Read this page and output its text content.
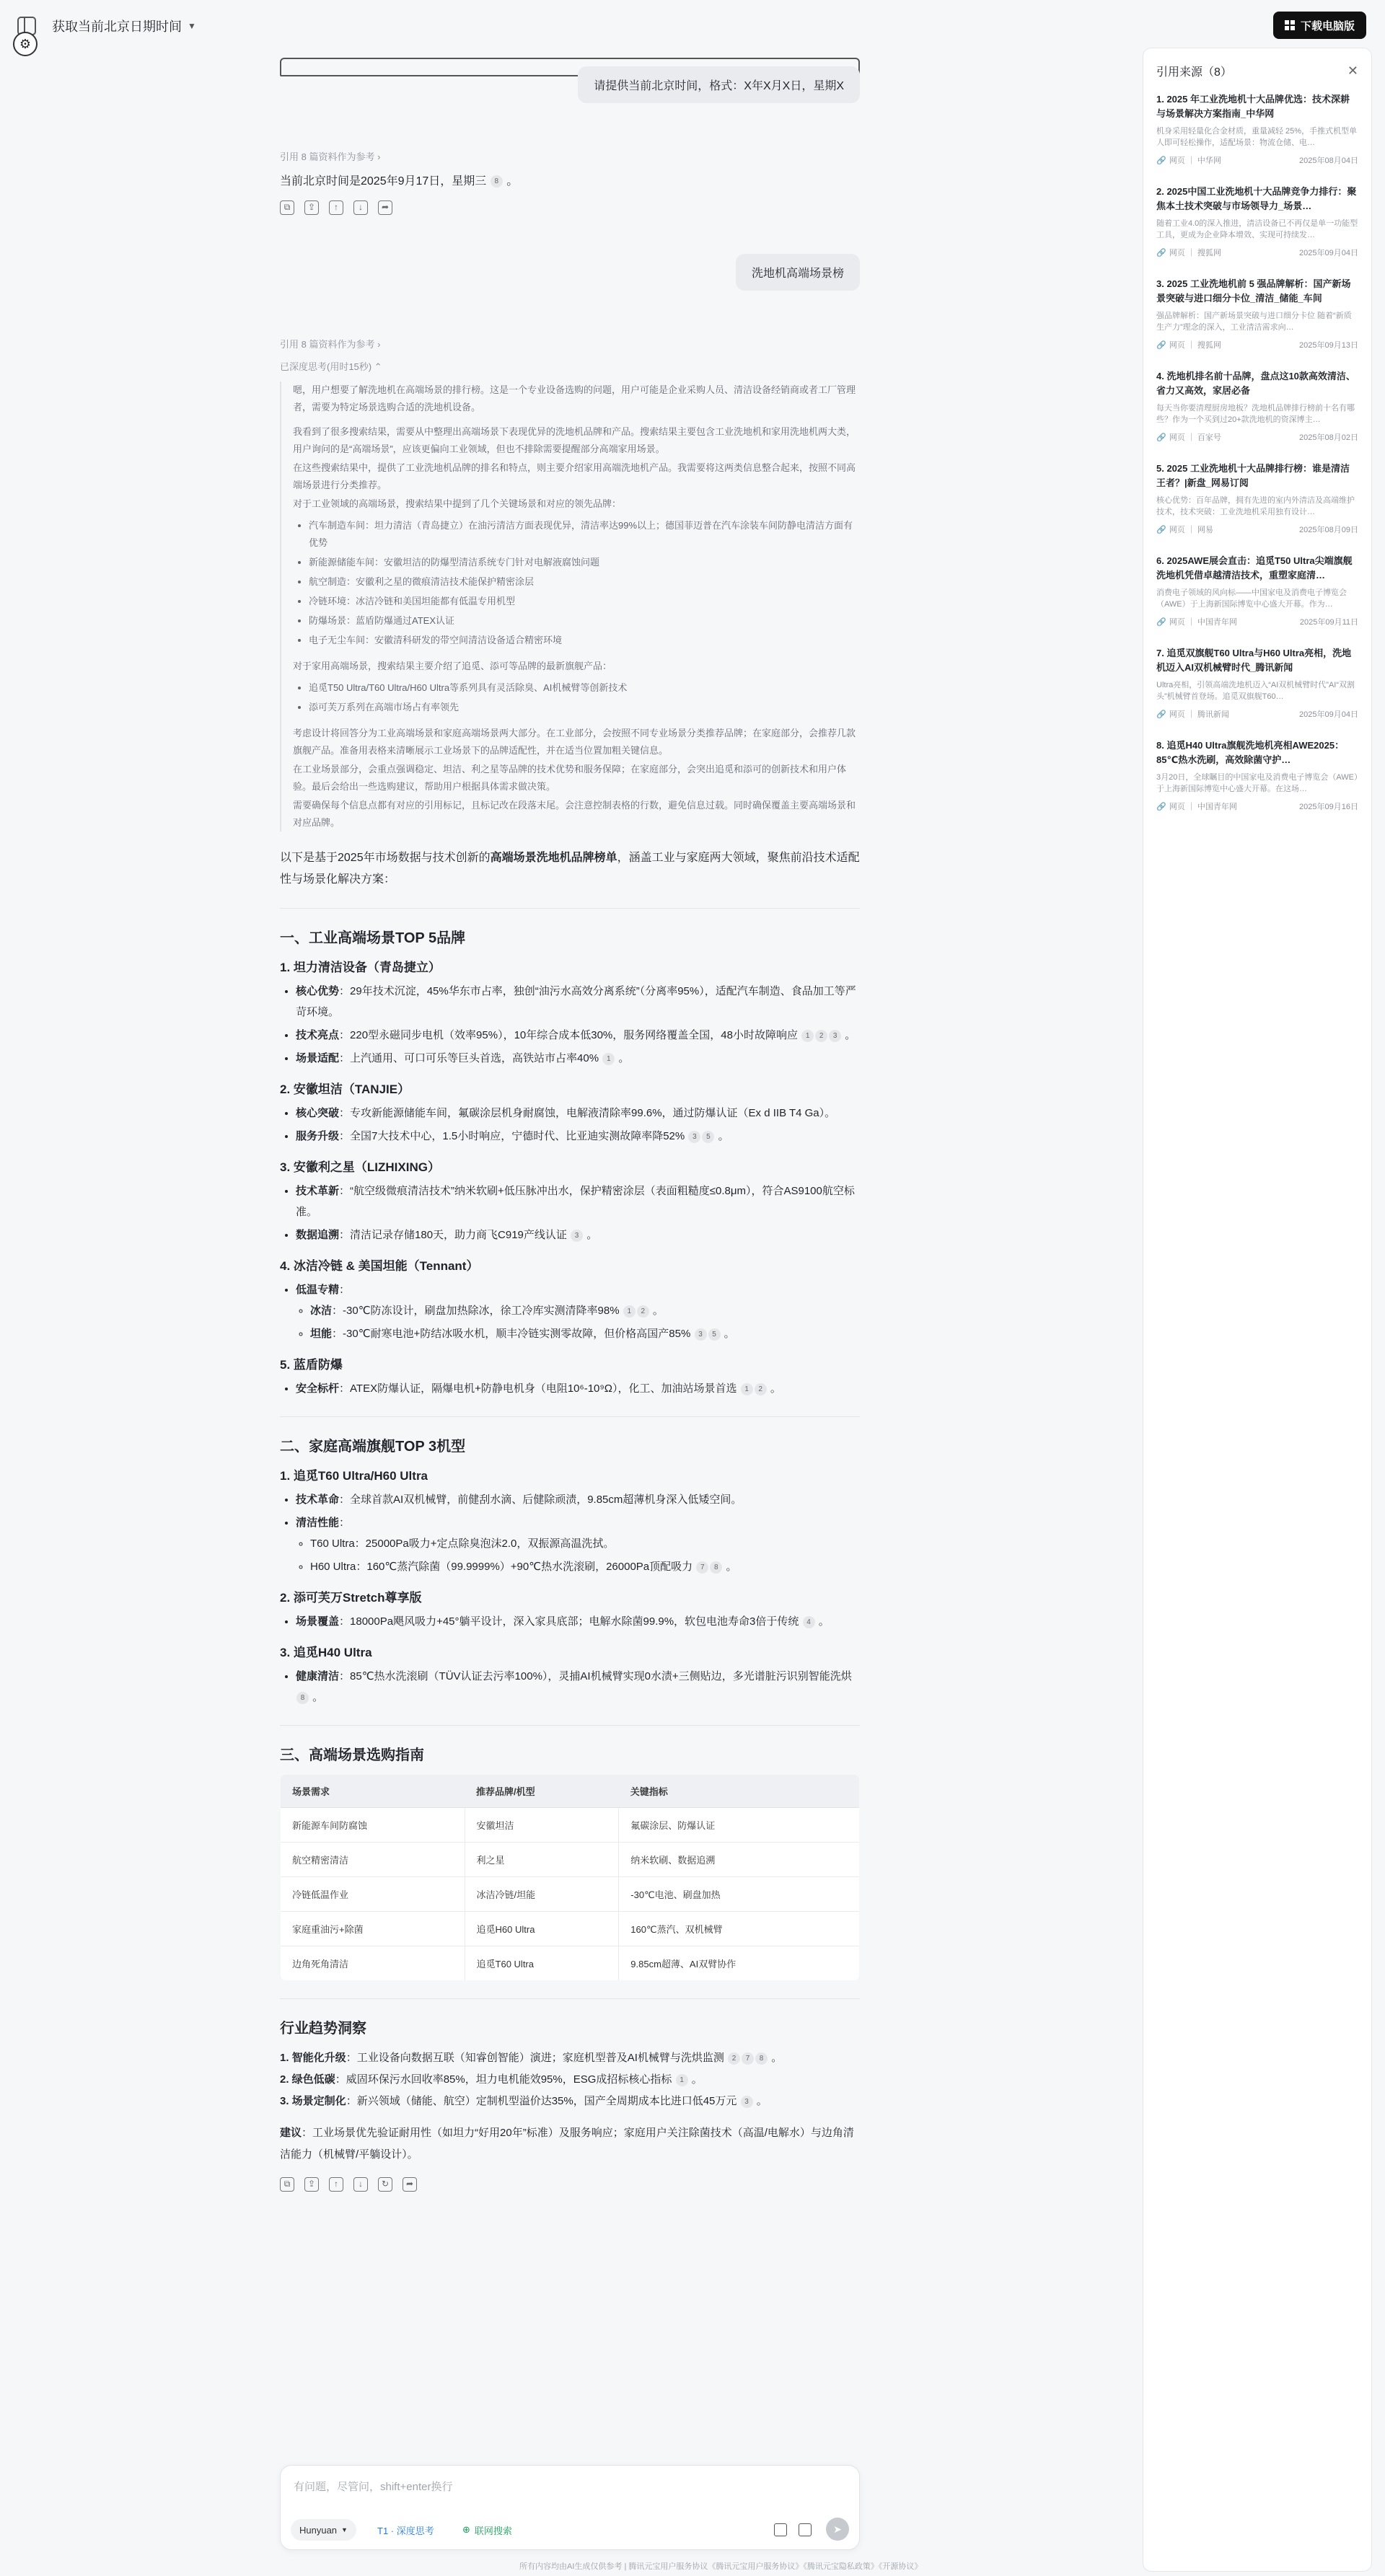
获取当前北京日期时间 ▼	下载电脑版
⚙
请提供当前北京时间，格式：X年X月X日，星期X
引用 8 篇资料作为参考 ›
当前北京时间是2025年9月17日，星期三 8 。
⧉	⇪	↑	↓	➦
洗地机高端场景榜
引用 8 篇资料作为参考 ›
已深度思考(用时15秒) ⌃

嗯，用户想要了解洗地机在高端场景的排行榜。这是一个专业设备选购的问题，用户可能是企业采购人员、清洁设备经销商或者工厂管理者，需要为特定场景选购合适的洗地机设备。

我看到了很多搜索结果，需要从中整理出高端场景下表现优异的洗地机品牌和产品。搜索结果主要包含工业洗地机和家用洗地机两大类，用户询问的是“高端场景”，应该更偏向工业领域，但也不排除需要提醒部分高端家用场景。

在这些搜索结果中，提供了工业洗地机品牌的排名和特点，则主要介绍家用高端洗地机产品。我需要将这两类信息整合起来，按照不同高端场景进行分类推荐。

对于工业领域的高端场景，搜索结果中提到了几个关键场景和对应的领先品牌：

• 汽车制造车间：坦力清洁（青岛捷立）在油污清洁方面表现优异，清洁率达99%以上；德国菲迈普在汽车涂装车间防静电清洁方面有优势
• 新能源储能车间：安徽坦洁的防爆型清洁系统专门针对电解液腐蚀问题
• 航空制造：安徽利之星的微痕清洁技术能保护精密涂层
• 冷链环境：冰洁冷链和美国坦能都有低温专用机型
• 防爆场景：蓝盾防爆通过ATEX认证
• 电子无尘车间：安徽清科研发的带空间清洁设备适合精密环境

对于家用高端场景，搜索结果主要介绍了追觅、添可等品牌的最新旗舰产品：

• 追觅T50 Ultra/T60 Ultra/H60 Ultra等系列具有灵活除臭、AI机械臂等创新技术
• 添可芙万系列在高端市场占有率领先

考虑设计将回答分为工业高端场景和家庭高端场景两大部分。在工业部分，会按照不同专业场景分类推荐品牌；在家庭部分，会推荐几款旗舰产品。准备用表格来清晰展示工业场景下的品牌适配性，并在适当位置加粗关键信息。

在工业场景部分，会重点强调稳定、坦洁、利之星等品牌的技术优势和服务保障；在家庭部分，会突出追觅和添可的创新技术和用户体验。最后会给出一些选购建议，帮助用户根据具体需求做决策。

需要确保每个信息点都有对应的引用标记，且标记改在段落末尾。会注意控制表格的行数，避免信息过载。同时确保覆盖主要高端场景和对应品牌。

以下是基于2025年市场数据与技术创新的高端场景洗地机品牌榜单，涵盖工业与家庭两大领域，聚焦前沿技术适配性与场景化解决方案：
一、工业高端场景TOP 5品牌
1. 坦力清洁设备（青岛捷立）
• 核心优势：29年技术沉淀，45%华东市占率，独创“油污水高效分离系统”（分离率95%），适配汽车制造、食品加工等严苛环境。
• 技术亮点：220型永磁同步电机（效率95%），10年综合成本低30%，服务网络覆盖全国，48小时故障响应 1 2 3 。
• 场景适配：上汽通用、可口可乐等巨头首选，高铁站市占率40% 1 。
2. 安徽坦洁（TANJIE）
• 核心突破：专攻新能源储能车间，氟碳涂层机身耐腐蚀，电解液清除率99.6%，通过防爆认证（Ex d IIB T4 Ga）。
• 服务升级：全国7大技术中心，1.5小时响应，宁德时代、比亚迪实测故障率降52% 3 5 。
3. 安徽利之星（LIZHIXING）
• 技术革新：“航空级微痕清洁技术”纳米软刷+低压脉冲出水，保护精密涂层（表面粗糙度≤0.8μm），符合AS9100航空标准。
• 数据追溯：清洁记录存储180天，助力商飞C919产线认证 3 。
4. 冰洁冷链 & 美国坦能（Tennant）
• 低温专精：
◦ 冰洁：-30℃防冻设计，刷盘加热除冰，徐工冷库实测清降率98% 1 2 。
◦ 坦能：-30℃耐寒电池+防结冰吸水机，顺丰冷链实测零故障，但价格高国产85% 3 5 。
5. 蓝盾防爆
• 安全标杆：ATEX防爆认证，隔爆电机+防静电机身（电阻10⁶-10⁹Ω），化工、加油站场景首选 1 2 。
二、家庭高端旗舰TOP 3机型
1. 追觅T60 Ultra/H60 Ultra
• 技术革命：全球首款AI双机械臂，前健刮水滴、后健除顽渍，9.85cm超薄机身深入低矮空间。
• 清洁性能：
◦ T60 Ultra：25000Pa吸力+定点除臭泡沫2.0，双振源高温洗拭。
◦ H60 Ultra：160℃蒸汽除菌（99.9999%）+90℃热水洗滚刷，26000Pa顶配吸力 7 8 。
2. 添可芙万Stretch尊享版
• 场景覆盖：18000Pa飓风吸力+45°躺平设计，深入家具底部；电解水除菌99.9%，软包电池寿命3倍于传统 4 。
3. 追觅H40 Ultra
• 健康清洁：85℃热水洗滚刷（TÜV认证去污率100%），灵捕AI机械臂实现0水渍+三侧贴边，多光谱脏污识别智能洗烘 8 。
三、高端场景选购指南
场景需求	推荐品牌/机型	关键指标
新能源车间防腐蚀	安徽坦洁	氟碳涂层、防爆认证
航空精密清洁	利之星	纳米软刷、数据追溯
冷链低温作业	冰洁冷链/坦能	-30℃电池、刷盘加热
家庭重油污+除菌	追觅H60 Ultra	160℃蒸汽、双机械臂
边角死角清洁	追觅T60 Ultra	9.85cm超薄、AI双臂协作
行业趋势洞察
1. 智能化升级：工业设备向数据互联（知睿创智能）演进；家庭机型普及AI机械臂与洗烘监测 2 7 8 。
2. 绿色低碳：威固环保污水回收率85%，坦力电机能效95%，ESG成招标核心指标 1 。
3. 场景定制化：新兴领域（储能、航空）定制机型溢价达35%，国产全周期成本比进口低45万元 3 。
建议：工业场景优先验证耐用性（如坦力“好用20年”标准）及服务响应；家庭用户关注除菌技术（高温/电解水）与边角清洁能力（机械臂/平躺设计）。
⧉	⇪	↑	↓	↻	➦
有问题，尽管问，shift+enter换行
Hunyuan ▼	T1 · 深度思考	⊕ 联网搜索	➤
所有内容均由AI生成仅供参考 | 腾讯元宝用户服务协议《腾讯元宝用户服务协议》《腾讯元宝隐私政策》《开源协议》
引用来源（8）	✕
1. 2025 年工业洗地机十大品牌优选：技术深耕与场景解决方案指南_中华网
机身采用轻量化合金材质，重量减轻 25%，手推式机型单人即可轻松操作，适配场景：物流仓储、电…
🔗 网页 ｜ 中华网	2025年08月04日
2. 2025中国工业洗地机十大品牌竞争力排行：聚焦本土技术突破与市场领导力_场景…
随着工业4.0的深入推进，清洁设备已不再仅是单一功能型工具，更成为企业降本增效、实现可持续发…
🔗 网页 ｜ 搜狐网	2025年09月04日
3. 2025 工业洗地机前 5 强品牌解析：国产新场景突破与进口细分卡位_清洁_储能_车间
强品牌解析：国产新场景突破与进口细分卡位 随着“新质生产力”理念的深入，工业清洁需求向…
🔗 网页 ｜ 搜狐网	2025年09月13日
4. 洗地机排名前十品牌，盘点这10款高效清洁、省力又高效，家居必备
每天当你要清理厨房地板？洗地机品牌排行榜前十名有哪些？作为一个买到过20+款洗地机的资深博主…
🔗 网页 ｜ 百家号	2025年08月02日
5. 2025 工业洗地机十大品牌排行榜：谁是清洁王者？|新盘_网易订阅
核心优势：百年品牌，拥有先进的室内外清洁及高端维护技术，技术突破：工业洗地机采用独有设计…
🔗 网页 ｜ 网易	2025年08月09日
6. 2025AWE展会直击：追觅T50 Ultra尖端旗舰洗地机凭借卓越清洁技术，重塑家庭清…
消费电子领域的风向标——中国家电及消费电子博览会（AWE）于上海新国际博览中心盛大开幕。作为…
🔗 网页 ｜ 中国青年网	2025年09月11日
7. 追觅双旗舰T60 Ultra与H60 Ultra亮相，洗地机迈入AI双机械臂时代_腾讯新闻
Ultra亮相，引领高端洗地机迈入“AI双机械臂时代”AI“双割头”机械臂首登场。追觅双旗舰T60…
🔗 网页 ｜ 腾讯新闻	2025年09月04日
8. 追觅H40 Ultra旗舰洗地机亮相AWE2025：85℃热水洗刷，高效除菌守护…
3月20日，全球瞩目的中国家电及消费电子博览会（AWE）于上海新国际博览中心盛大开幕。在这场…
🔗 网页 ｜ 中国青年网	2025年09月16日
